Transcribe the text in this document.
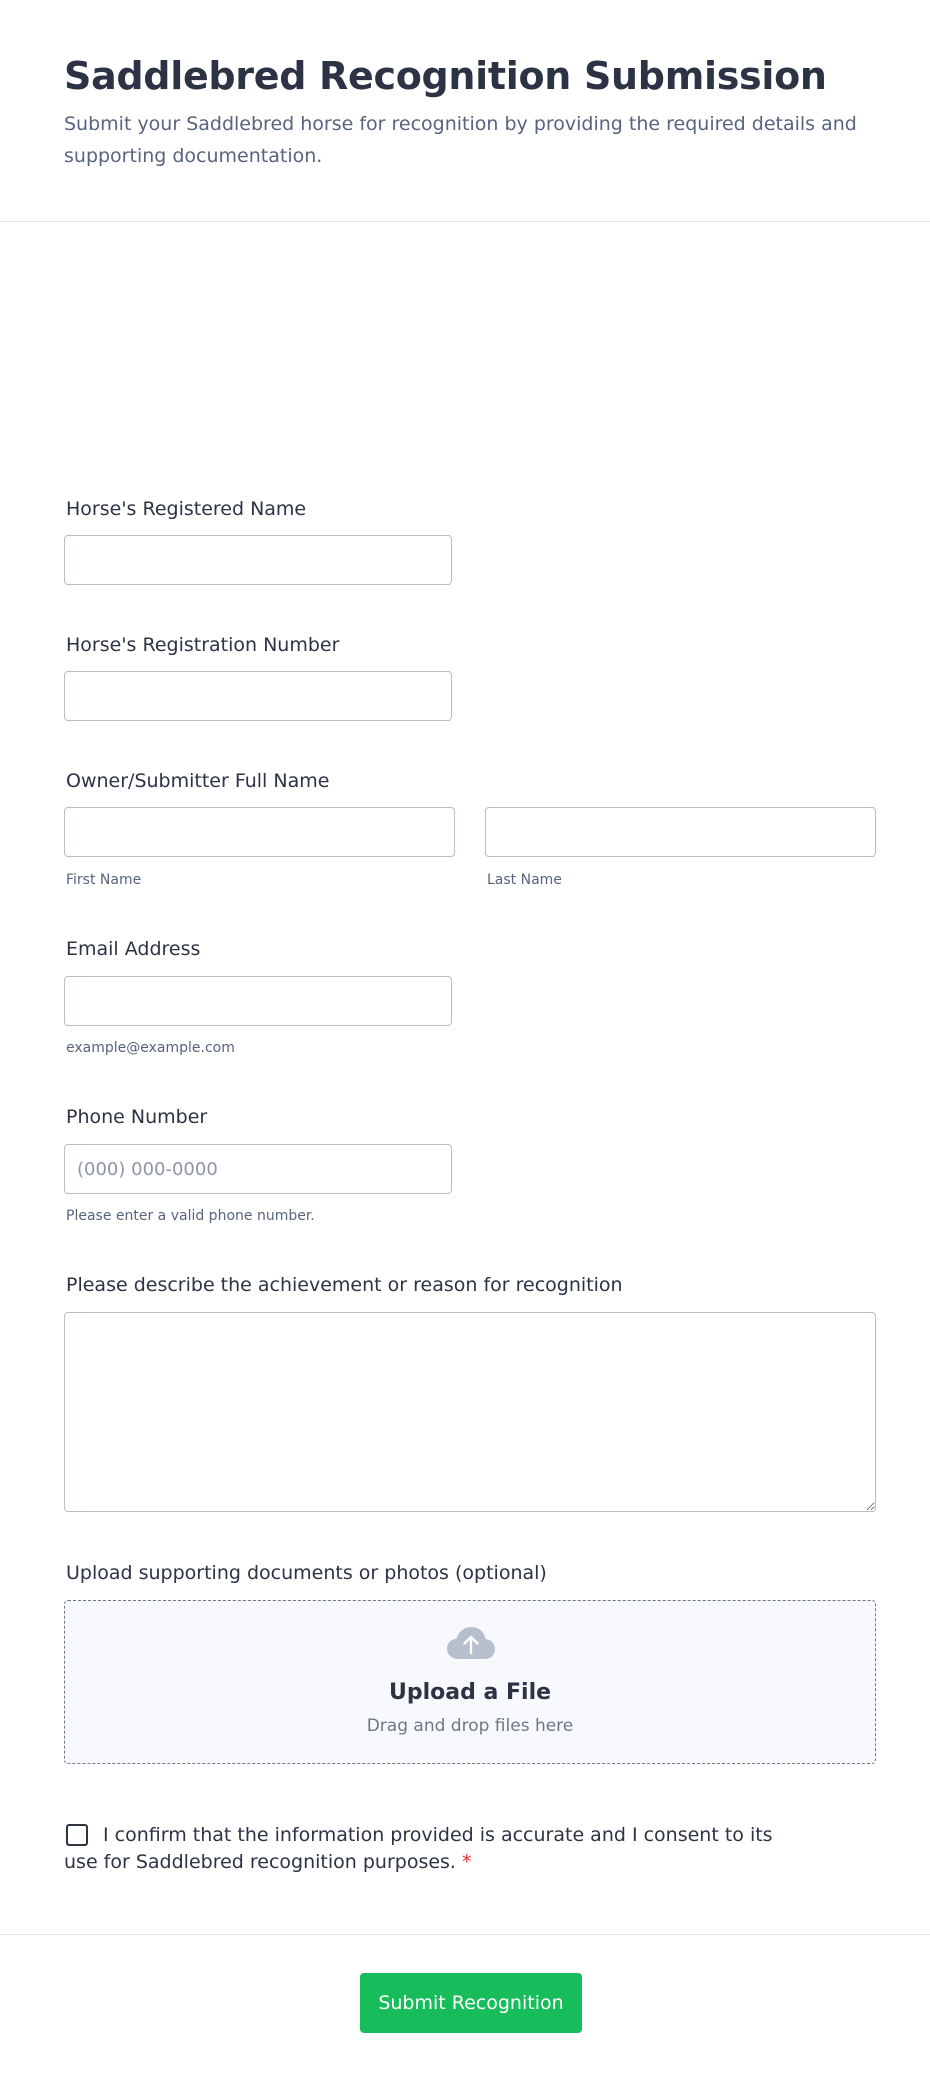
Saddlebred Recognition Submission

Submit your Saddlebred horse for recognition by providing the required details and supporting documentation.

Horse's Registered Name
Horse's Registration Number
Owner/Submitter Full Name
First Name	Last Name
Email Address
example@example.com
Phone Number
(000) 000-0000
Please enter a valid phone number.
Please describe the achievement or reason for recognition
Upload supporting documents or photos (optional)
Upload a File
Drag and drop files here

I confirm that the information provided is accurate and I consent to its use for Saddlebred recognition purposes. *

Submit Recognition
